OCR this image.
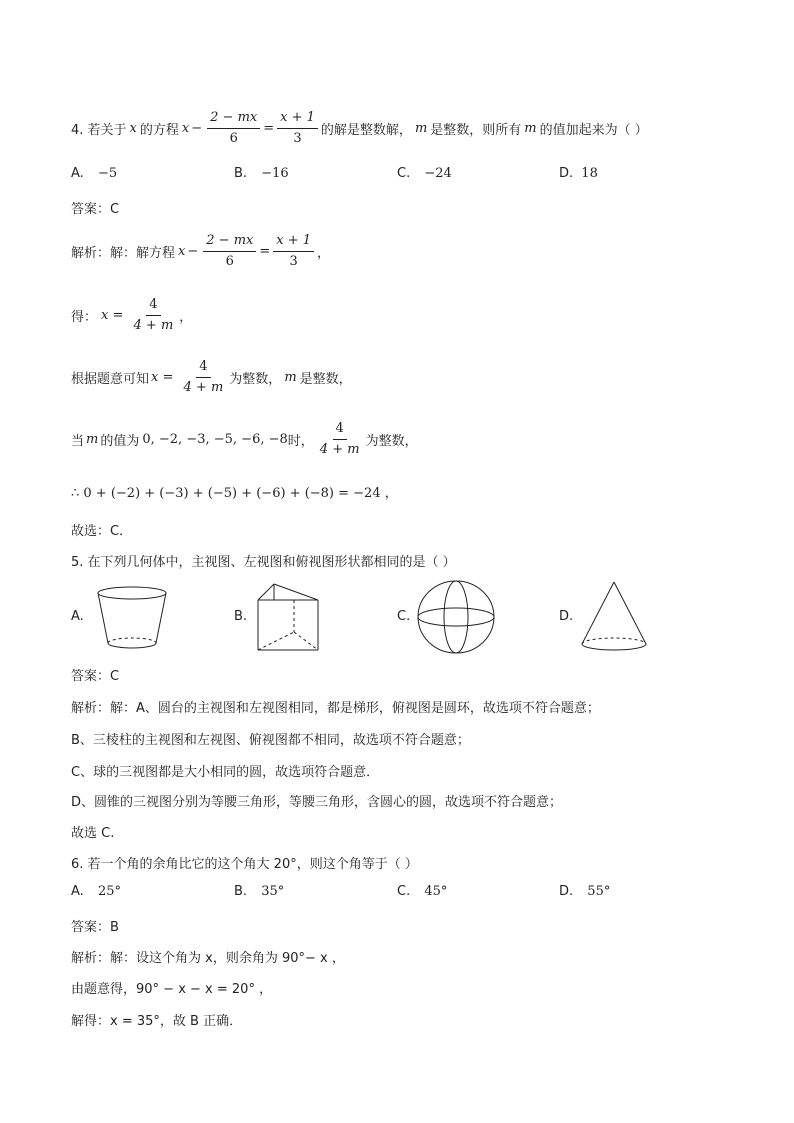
4. 若关于 x 的方程 $x - \frac{2 - mx}{6} = \frac{x + 1}{3}$ 的解是整数解， m 是整数，则所有 m 的值加起来为（ ）
A. −5	B. −16	C. −24	D. 18
答案：C
解析：解：解方程 $x - \frac{2 - mx}{6} = \frac{x + 1}{3}$ ，
得： $x = \frac{4}{4 + m}$ ，
根据题意可知 $x = \frac{4}{4 + m}$ 为整数， m 是整数，
当 m 的值为 0, −2, −3, −5, −6, −8 时， $\frac{4}{4 + m}$ 为整数，
∴ 0 + (−2) + (−3) + (−5) + (−6) + (−8) = −24 ，
故选：C．
5. 在下列几何体中，主视图、左视图和俯视图形状都相同的是（ ）
A.	B.	C.	D.
答案：C
解析：解：A、圆台的主视图和左视图相同，都是梯形，俯视图是圆环，故选项不符合题意；
B、三棱柱的主视图和左视图、俯视图都不相同，故选项不符合题意；
C、球的三视图都是大小相同的圆，故选项符合题意．
D、圆锥的三视图分别为等腰三角形，等腰三角形，含圆心的圆，故选项不符合题意；
故选 C.
6. 若一个角的余角比它的这个角大 20°，则这个角等于（ ）
A. 25°	B. 35°	C. 45°	D. 55°
答案：B
解析：解：设这个角为 x，则余角为 90°− x ，
由题意得，90° − x − x = 20° ，
解得：x = 35°，故 B 正确．
